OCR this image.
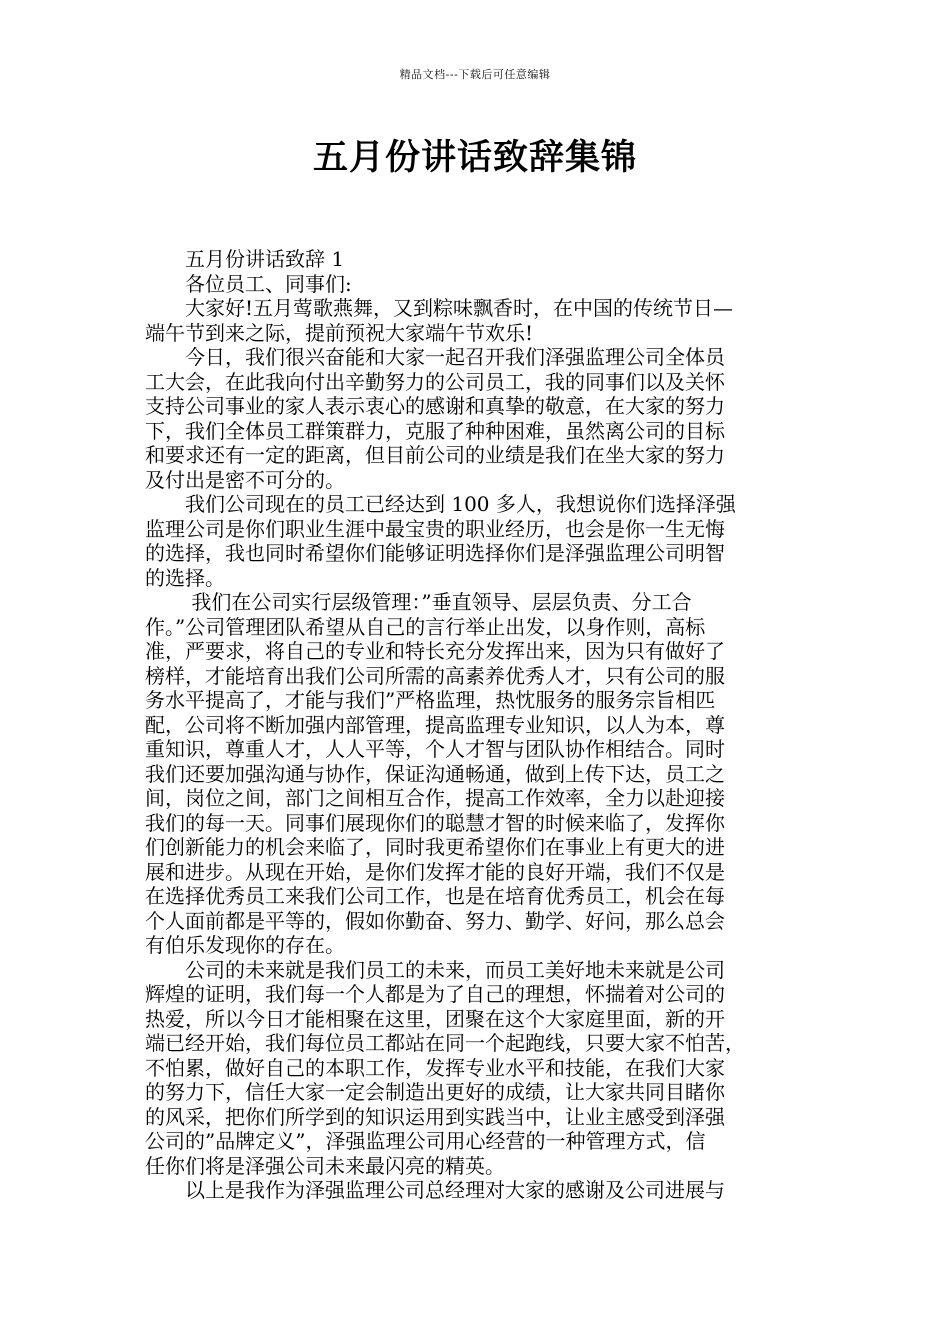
精品文档---下载后可任意编辑
五月份讲话致辞集锦
　　五月份讲话致辞 1
　　各位员工、同事们:
　　大家好!五月莺歌燕舞，又到粽味飘香时，在中国的传统节日—
端午节到来之际，提前预祝大家端午节欢乐!
　　今日，我们很兴奋能和大家一起召开我们泽强监理公司全体员
工大会，在此我向付出辛勤努力的公司员工，我的同事们以及关怀
支持公司事业的家人表示衷心的感谢和真挚的敬意，在大家的努力
下，我们全体员工群策群力，克服了种种困难，虽然离公司的目标
和要求还有一定的距离，但目前公司的业绩是我们在坐大家的努力
及付出是密不可分的。
　　我们公司现在的员工已经达到 100 多人，我想说你们选择泽强
监理公司是你们职业生涯中最宝贵的职业经历，也会是你一生无悔
的选择，我也同时希望你们能够证明选择你们是泽强监理公司明智
的选择。
　　 我们在公司实行层级管理：”垂直领导、层层负责、分工合
作。”公司管理团队希望从自己的言行举止出发，以身作则，高标
准，严要求，将自己的专业和特长充分发挥出来，因为只有做好了
榜样，才能培育出我们公司所需的高素养优秀人才，只有公司的服
务水平提高了，才能与我们”严格监理，热忱服务的服务宗旨相匹
配，公司将不断加强内部管理，提高监理专业知识，以人为本，尊
重知识，尊重人才，人人平等，个人才智与团队协作相结合。同时
我们还要加强沟通与协作，保证沟通畅通，做到上传下达，员工之
间，岗位之间，部门之间相互合作，提高工作效率，全力以赴迎接
我们的每一天。同事们展现你们的聪慧才智的时候来临了，发挥你
们创新能力的机会来临了，同时我更希望你们在事业上有更大的进
展和进步。从现在开始，是你们发挥才能的良好开端，我们不仅是
在选择优秀员工来我们公司工作，也是在培育优秀员工，机会在每
个人面前都是平等的，假如你勤奋、努力、勤学、好问，那么总会
有伯乐发现你的存在。
　　公司的未来就是我们员工的未来，而员工美好地未来就是公司
辉煌的证明，我们每一个人都是为了自己的理想，怀揣着对公司的
热爱，所以今日才能相聚在这里，团聚在这个大家庭里面，新的开
端已经开始，我们每位员工都站在同一个起跑线，只要大家不怕苦，
不怕累，做好自己的本职工作，发挥专业水平和技能，在我们大家
的努力下，信任大家一定会制造出更好的成绩，让大家共同目睹你
的风采，把你们所学到的知识运用到实践当中，让业主感受到泽强
公司的”品牌定义”，泽强监理公司用心经营的一种管理方式，信
任你们将是泽强公司未来最闪亮的精英。
　　以上是我作为泽强监理公司总经理对大家的感谢及公司进展与
